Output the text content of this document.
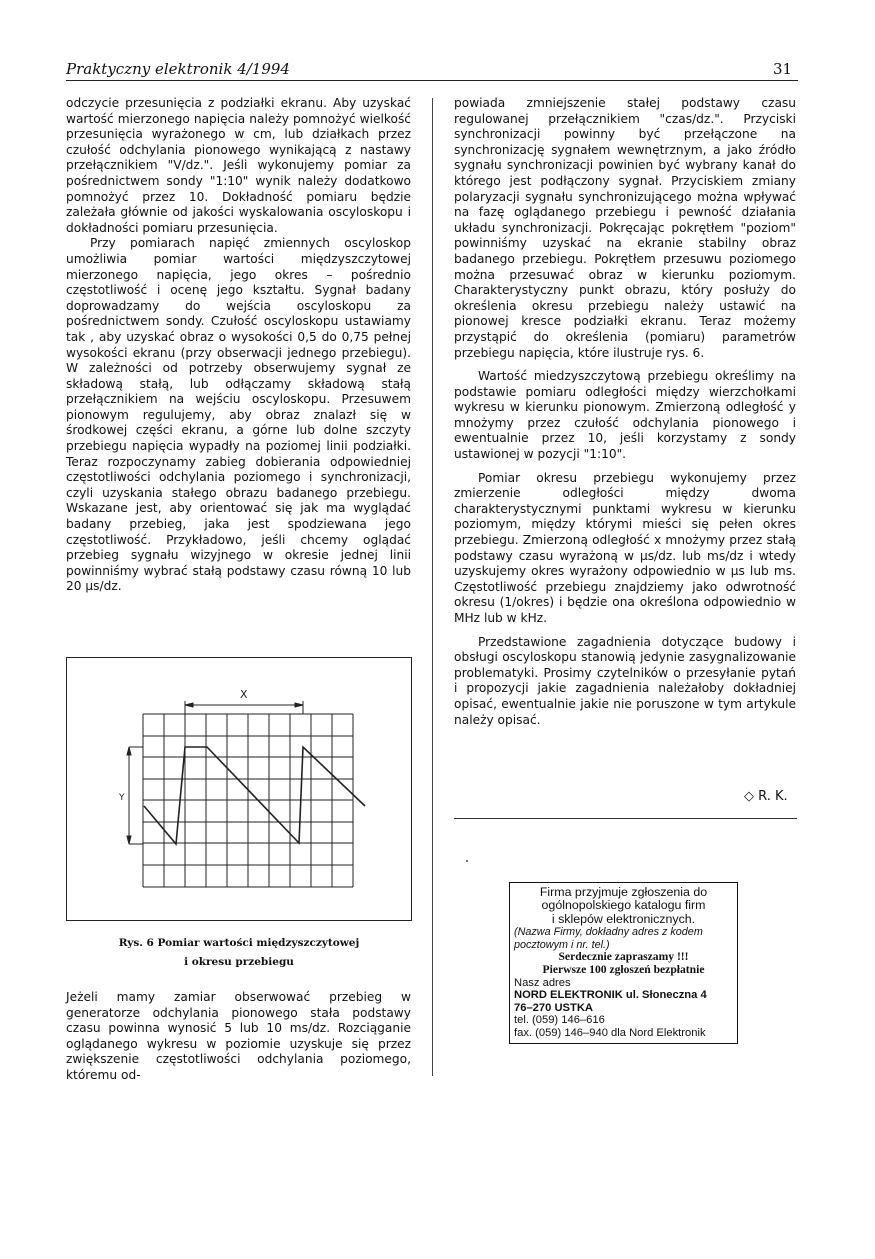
Praktyczny elektronik 4/1994	31

odczycie przesunięcia z podziałki ekranu. Aby uzyskać wartość mierzonego napięcia należy pomnożyć wielkość przesunięcia wyrażonego w cm, lub działkach przez czułość odchylania pionowego wynikającą z nastawy przełącznikiem "V/dz.". Jeśli wykonujemy pomiar za pośrednictwem sondy "1:10" wynik należy dodatkowo pomnożyć przez 10. Dokładność pomiaru będzie zależała głównie od jakości wyskalowania oscyloskopu i dokładności pomiaru przesunięcia.

Przy pomiarach napięć zmiennych oscyloskop umożliwia pomiar wartości międzyszczytowej mierzonego napięcia, jego okres – pośrednio częstotliwość i ocenę jego kształtu. Sygnał badany doprowadzamy do wejścia oscyloskopu za pośrednictwem sondy. Czułość oscyloskopu ustawiamy tak , aby uzyskać obraz o wysokości 0,5 do 0,75 pełnej wysokości ekranu (przy obserwacji jednego przebiegu). W zależności od potrzeby obserwujemy sygnał ze składową stałą, lub odłączamy składową stałą przełącznikiem na wejściu oscyloskopu. Przesuwem pionowym regulujemy, aby obraz znalazł się w środkowej części ekranu, a górne lub dolne szczyty przebiegu napięcia wypadły na poziomej linii podziałki. Teraz rozpoczynamy zabieg dobierania odpowiedniej częstotliwości odchylania poziomego i synchronizacji, czyli uzyskania stałego obrazu badanego przebiegu. Wskazane jest, aby orientować się jak ma wyglądać badany przebieg, jaka jest spodziewana jego częstotliwość. Przykładowo, jeśli chcemy oglądać przebieg sygnału wizyjnego w okresie jednej linii powinniśmy wybrać stałą podstawy czasu równą 10 lub 20 µs/dz.

X
Y
Rys. 6 Pomiar wartości międzyszczytowej
i okresu przebiegu

Jeżeli mamy zamiar obserwować przebieg w generatorze odchylania pionowego stała podstawy czasu powinna wynosić 5 lub 10 ms/dz. Rozciąganie oglądanego wykresu w poziomie uzyskuje się przez zwiększenie częstotliwości odchylania poziomego, któremu od-

powiada zmniejszenie stałej podstawy czasu regulowanej przełącznikiem "czas/dz.". Przyciski synchronizacji powinny być przełączone na synchronizację sygnałem wewnętrznym, a jako źródło sygnału synchronizacji powinien być wybrany kanał do którego jest podłączony sygnał. Przyciskiem zmiany polaryzacji sygnału synchronizującego można wpływać na fazę oglądanego przebiegu i pewność działania układu synchronizacji. Pokręcając pokrętłem "poziom" powinniśmy uzyskać na ekranie stabilny obraz badanego przebiegu. Pokrętłem przesuwu poziomego można przesuwać obraz w kierunku poziomym. Charakterystyczny punkt obrazu, który posłuży do określenia okresu przebiegu należy ustawić na pionowej kresce podziałki ekranu. Teraz możemy przystąpić do określenia (pomiaru) parametrów przebiegu napięcia, które ilustruje rys. 6.

Wartość miedzyszczytową przebiegu określimy na podstawie pomiaru odległości między wierzchołkami wykresu w kierunku pionowym. Zmierzoną odległość y mnożymy przez czułość odchylania pionowego i ewentualnie przez 10, jeśli korzystamy z sondy ustawionej w pozycji "1:10".

Pomiar okresu przebiegu wykonujemy przez zmierzenie odległości między dwoma charakterystycznymi punktami wykresu w kierunku poziomym, między którymi mieści się pełen okres przebiegu. Zmierzoną odległość x mnożymy przez stałą podstawy czasu wyrażoną w µs/dz. lub ms/dz i wtedy uzyskujemy okres wyrażony odpowiednio w µs lub ms. Częstotliwość przebiegu znajdziemy jako odwrotność okresu (1/okres) i będzie ona określona odpowiednio w MHz lub w kHz.

Przedstawione zagadnienia dotyczące budowy i obsługi oscyloskopu stanowią jedynie zasygnalizowanie problematyki. Prosimy czytelników o przesyłanie pytań i propozycji jakie zagadnienia należałoby dokładniej opisać, ewentualnie jakie nie poruszone w tym artykule należy opisać.

◇ R. K.
Firma przyjmuje zgłoszenia do
ogólnopolskiego katalogu firm
i sklepów elektronicznych.
(Nazwa Firmy, dokładny adres z kodem
pocztowym i nr. tel.)
Serdecznie zapraszamy !!!
Pierwsze 100 zgłoszeń bezpłatnie
Nasz adres
NORD ELEKTRONIK ul. Słoneczna 4
76–270 USTKA
tel. (059) 146–616
fax. (059) 146–940 dla Nord Elektronik
